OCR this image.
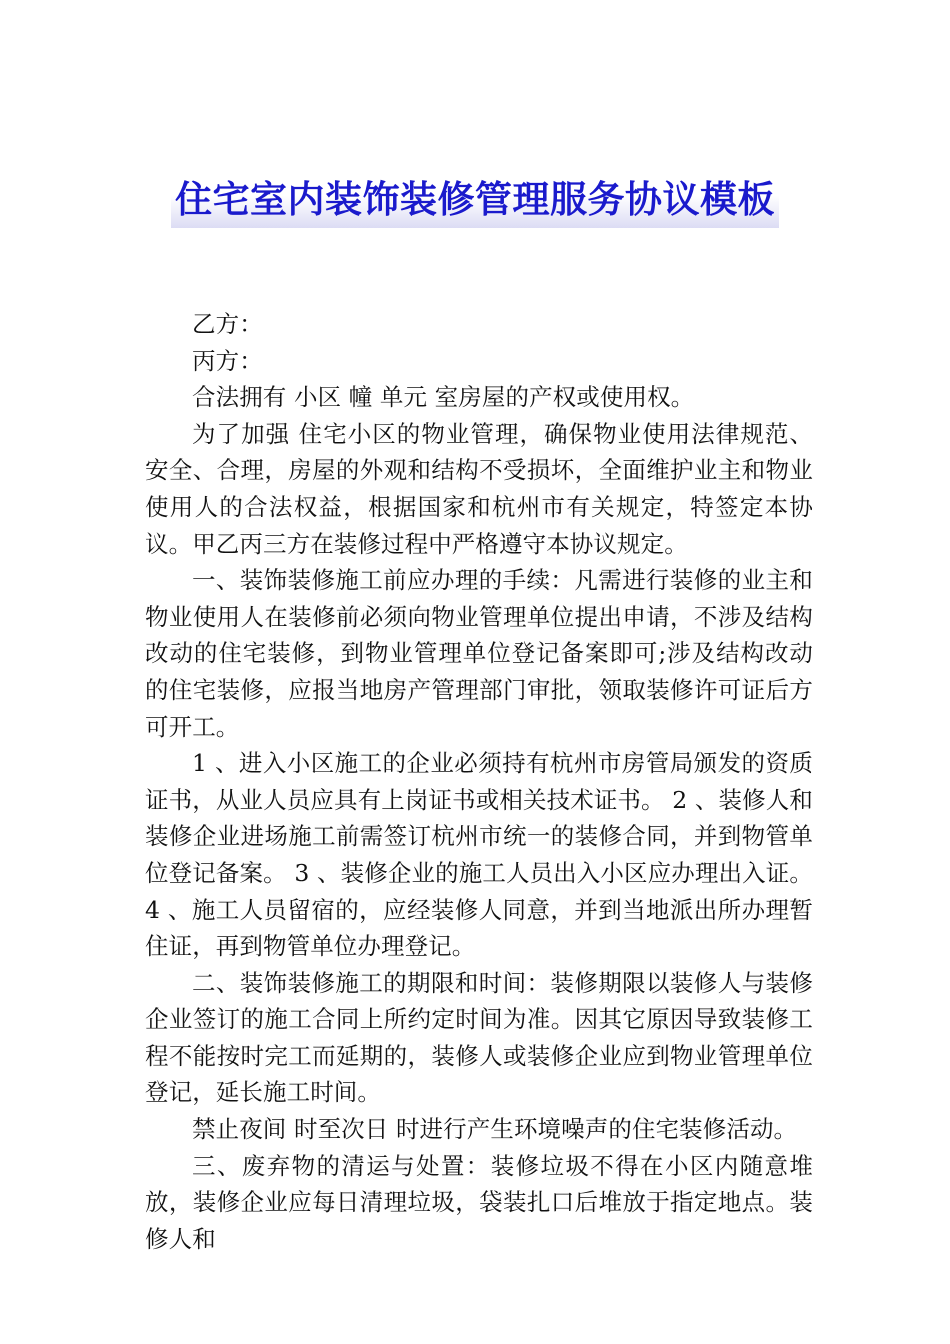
住宅室内装饰装修管理服务协议模板

乙方：

丙方：

合法拥有 小区 幢 单元 室房屋的产权或使用权。

为了加强 住宅小区的物业管理，确保物业使用法律规范、安全、合理，房屋的外观和结构不受损坏，全面维护业主和物业使用人的合法权益，根据国家和杭州市有关规定，特签定本协议。甲乙丙三方在装修过程中严格遵守本协议规定。

一、装饰装修施工前应办理的手续：凡需进行装修的业主和物业使用人在装修前必须向物业管理单位提出申请，不涉及结构改动的住宅装修，到物业管理单位登记备案即可;涉及结构改动的住宅装修，应报当地房产管理部门审批，领取装修许可证后方可开工。

1 、进入小区施工的企业必须持有杭州市房管局颁发的资质证书，从业人员应具有上岗证书或相关技术证书。 2 、装修人和装修企业进场施工前需签订杭州市统一的装修合同，并到物管单位登记备案。 3 、装修企业的施工人员出入小区应办理出入证。 4 、施工人员留宿的，应经装修人同意，并到当地派出所办理暂住证，再到物管单位办理登记。

二、装饰装修施工的期限和时间：装修期限以装修人与装修企业签订的施工合同上所约定时间为准。因其它原因导致装修工程不能按时完工而延期的，装修人或装修企业应到物业管理单位登记，延长施工时间。

禁止夜间 时至次日 时进行产生环境噪声的住宅装修活动。

三、废弃物的清运与处置：装修垃圾不得在小区内随意堆放，装修企业应每日清理垃圾，袋装扎口后堆放于指定地点。装修人和
